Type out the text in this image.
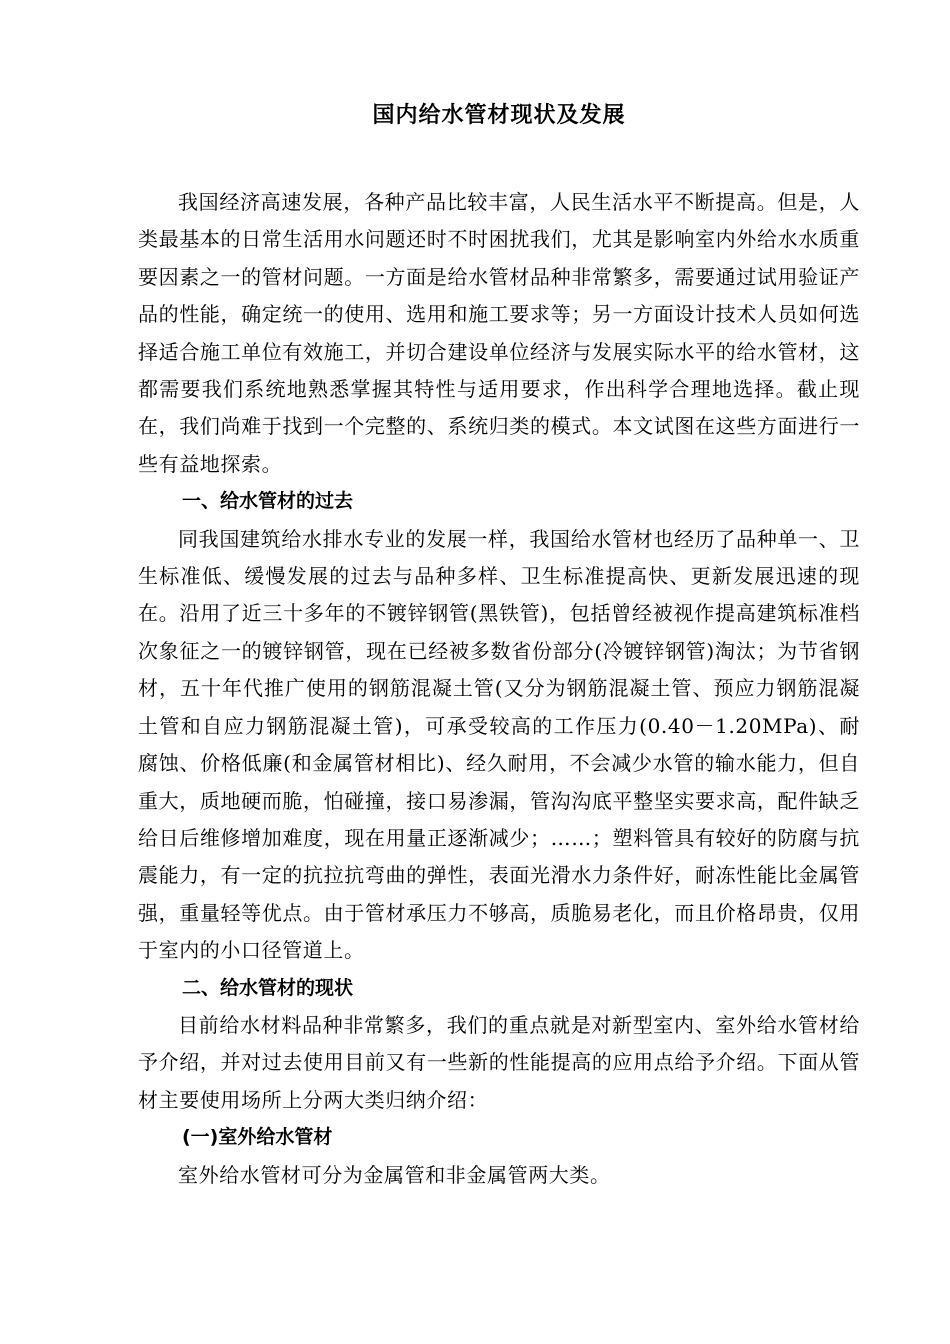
国内给水管材现状及发展

我国经济高速发展，各种产品比较丰富，人民生活水平不断提高。但是，人类最基本的日常生活用水问题还时不时困扰我们，尤其是影响室内外给水水质重要因素之一的管材问题。一方面是给水管材品种非常繁多，需要通过试用验证产品的性能，确定统一的使用、选用和施工要求等；另一方面设计技术人员如何选择适合施工单位有效施工，并切合建设单位经济与发展实际水平的给水管材，这都需要我们系统地熟悉掌握其特性与适用要求，作出科学合理地选择。截止现在，我们尚难于找到一个完整的、系统归类的模式。本文试图在这些方面进行一些有益地探索。

一、给水管材的过去

同我国建筑给水排水专业的发展一样，我国给水管材也经历了品种单一、卫生标准低、缓慢发展的过去与品种多样、卫生标准提高快、更新发展迅速的现在。沿用了近三十多年的不镀锌钢管(黑铁管)，包括曾经被视作提高建筑标准档次象征之一的镀锌钢管，现在已经被多数省份部分(冷镀锌钢管)淘汰；为节省钢材，五十年代推广使用的钢筋混凝土管(又分为钢筋混凝土管、预应力钢筋混凝土管和自应力钢筋混凝土管)，可承受较高的工作压力(0.40－1.20MPa)、耐腐蚀、价格低廉(和金属管材相比)、经久耐用，不会减少水管的输水能力，但自重大，质地硬而脆，怕碰撞，接口易渗漏，管沟沟底平整坚实要求高，配件缺乏给日后维修增加难度，现在用量正逐渐减少；……；塑料管具有较好的防腐与抗震能力，有一定的抗拉抗弯曲的弹性，表面光滑水力条件好，耐冻性能比金属管强，重量轻等优点。由于管材承压力不够高，质脆易老化，而且价格昂贵，仅用于室内的小口径管道上。

二、给水管材的现状

目前给水材料品种非常繁多，我们的重点就是对新型室内、室外给水管材给予介绍，并对过去使用目前又有一些新的性能提高的应用点给予介绍。下面从管材主要使用场所上分两大类归纳介绍：

(一)室外给水管材

室外给水管材可分为金属管和非金属管两大类。
